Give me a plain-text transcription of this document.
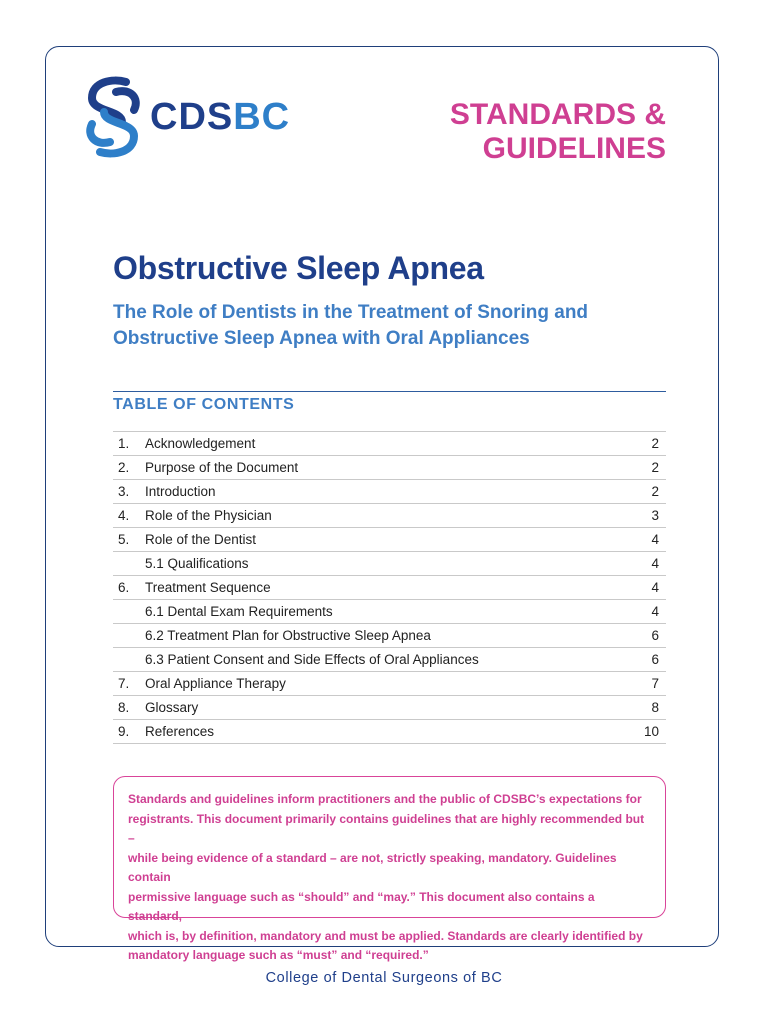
CDSBC	STANDARDS &
GUIDELINES
Obstructive Sleep Apnea
The Role of Dentists in the Treatment of Snoring and
Obstructive Sleep Apnea with Oral Appliances
TABLE OF CONTENTS
1.	Acknowledgement	2
2.	Purpose of the Document	2
3.	Introduction	2
4.	Role of the Physician	3
5.	Role of the Dentist	4
5.1 Qualifications	4
6.	Treatment Sequence	4
6.1 Dental Exam Requirements	4
6.2 Treatment Plan for Obstructive Sleep Apnea	6
6.3 Patient Consent and Side Effects of Oral Appliances	6
7.	Oral Appliance Therapy	7
8.	Glossary	8
9.	References	10

Standards and guidelines inform practitioners and the public of CDSBC’s expectations for

registrants. This document primarily contains guidelines that are highly recommended but –

while being evidence of a standard – are not, strictly speaking, mandatory. Guidelines contain

permissive language such as “should” and “may.” This document also contains a standard,

which is, by definition, mandatory and must be applied. Standards are clearly identified by

mandatory language such as “must” and “required.”

College of Dental Surgeons of BC
